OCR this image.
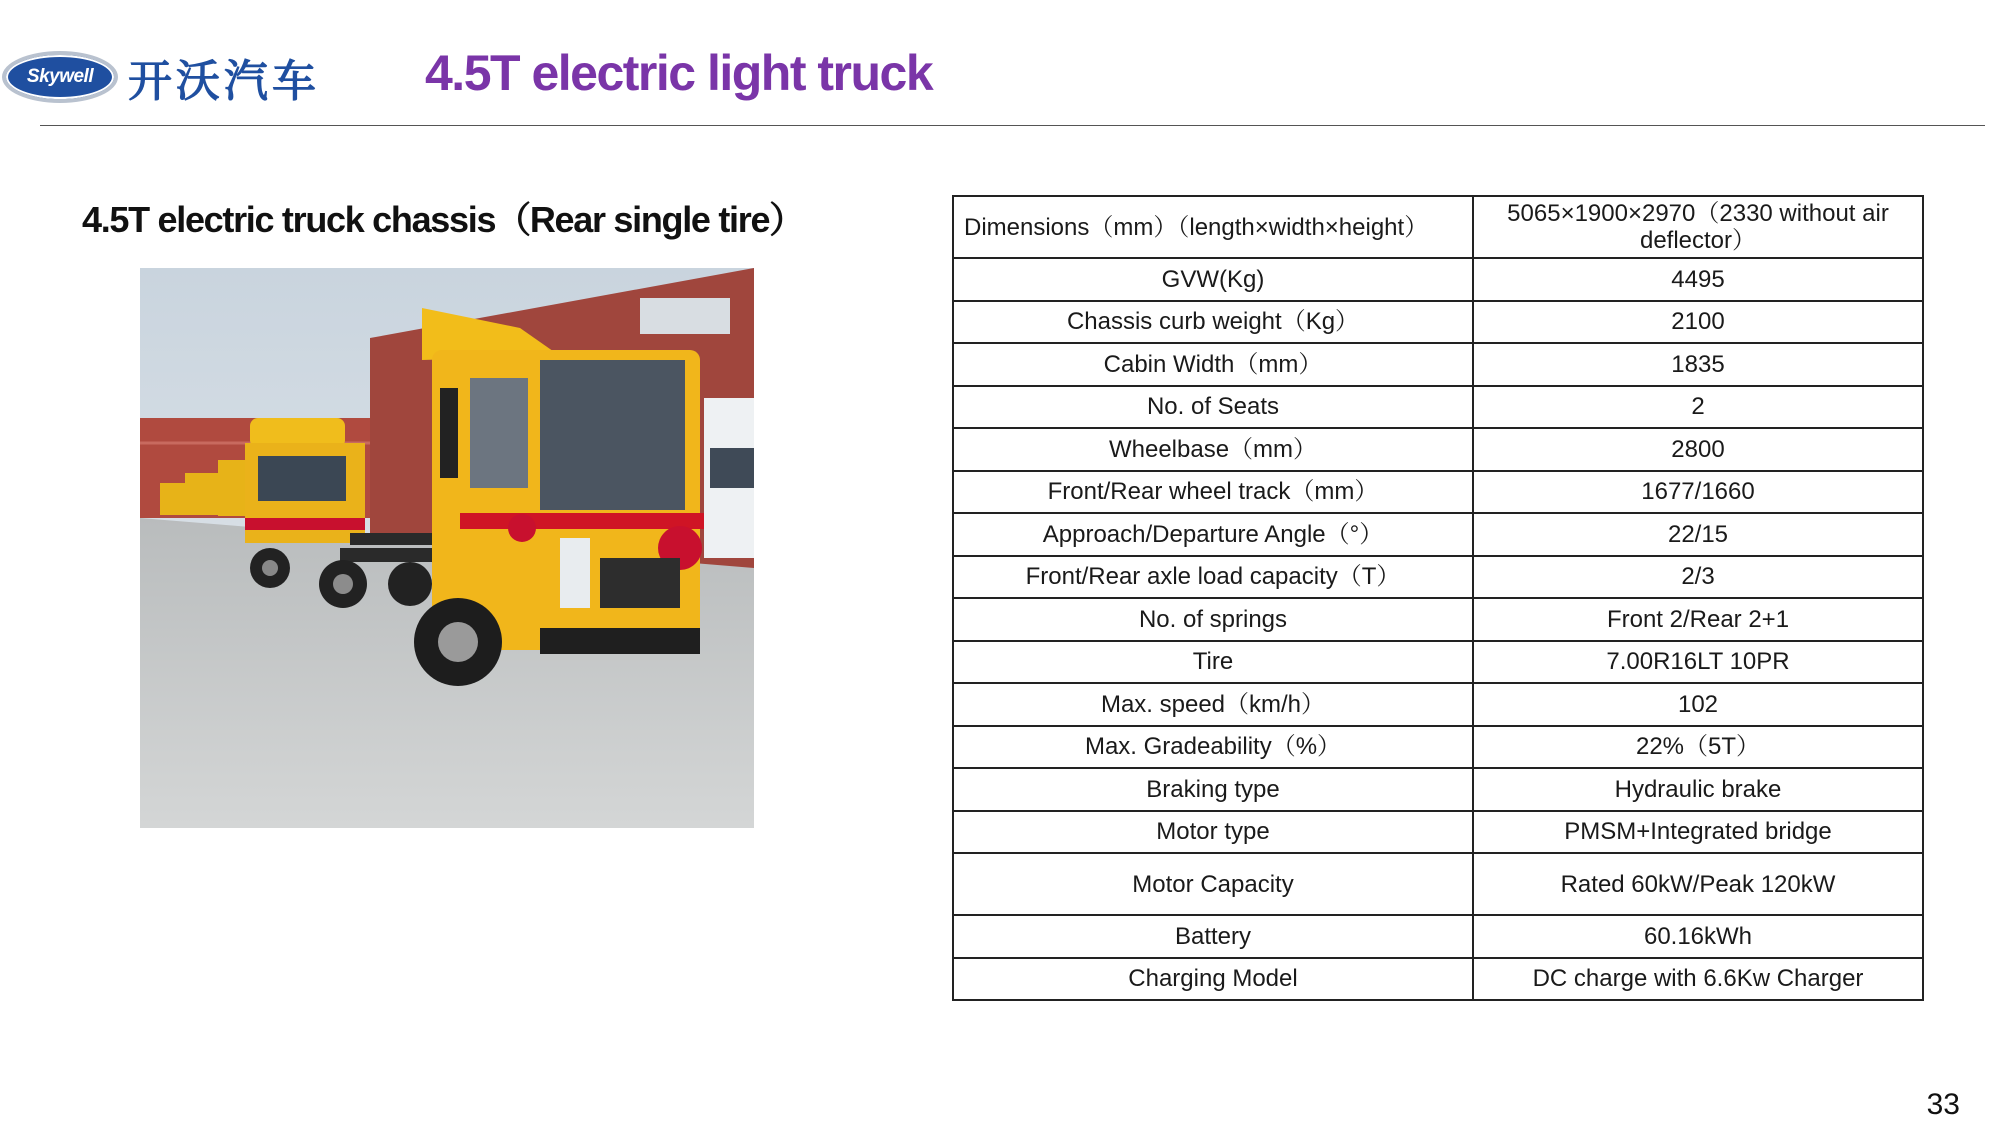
Skywell 开沃汽车 4.5T electric light truck
4.5T electric truck chassis（Rear single tire）	Dimensions（mm）（length×width×height）	5065×1900×2970（2330 without air deflector）
GVW(Kg)	4495
Chassis curb weight（Kg）	2100
Cabin Width（mm）	1835
No. of Seats	2
Wheelbase（mm）	2800
Front/Rear wheel track（mm）	1677/1660
Approach/Departure Angle（°）	22/15
Front/Rear axle load capacity（T）	2/3
No. of springs	Front 2/Rear 2+1
Tire	7.00R16LT 10PR
Max. speed（km/h）	102
Max. Gradeability（%）	22%（5T）
Braking type	Hydraulic brake
Motor type	PMSM+Integrated bridge
Motor Capacity	Rated 60kW/Peak 120kW
Battery	60.16kWh
Charging Model	DC charge with 6.6Kw Charger
33
